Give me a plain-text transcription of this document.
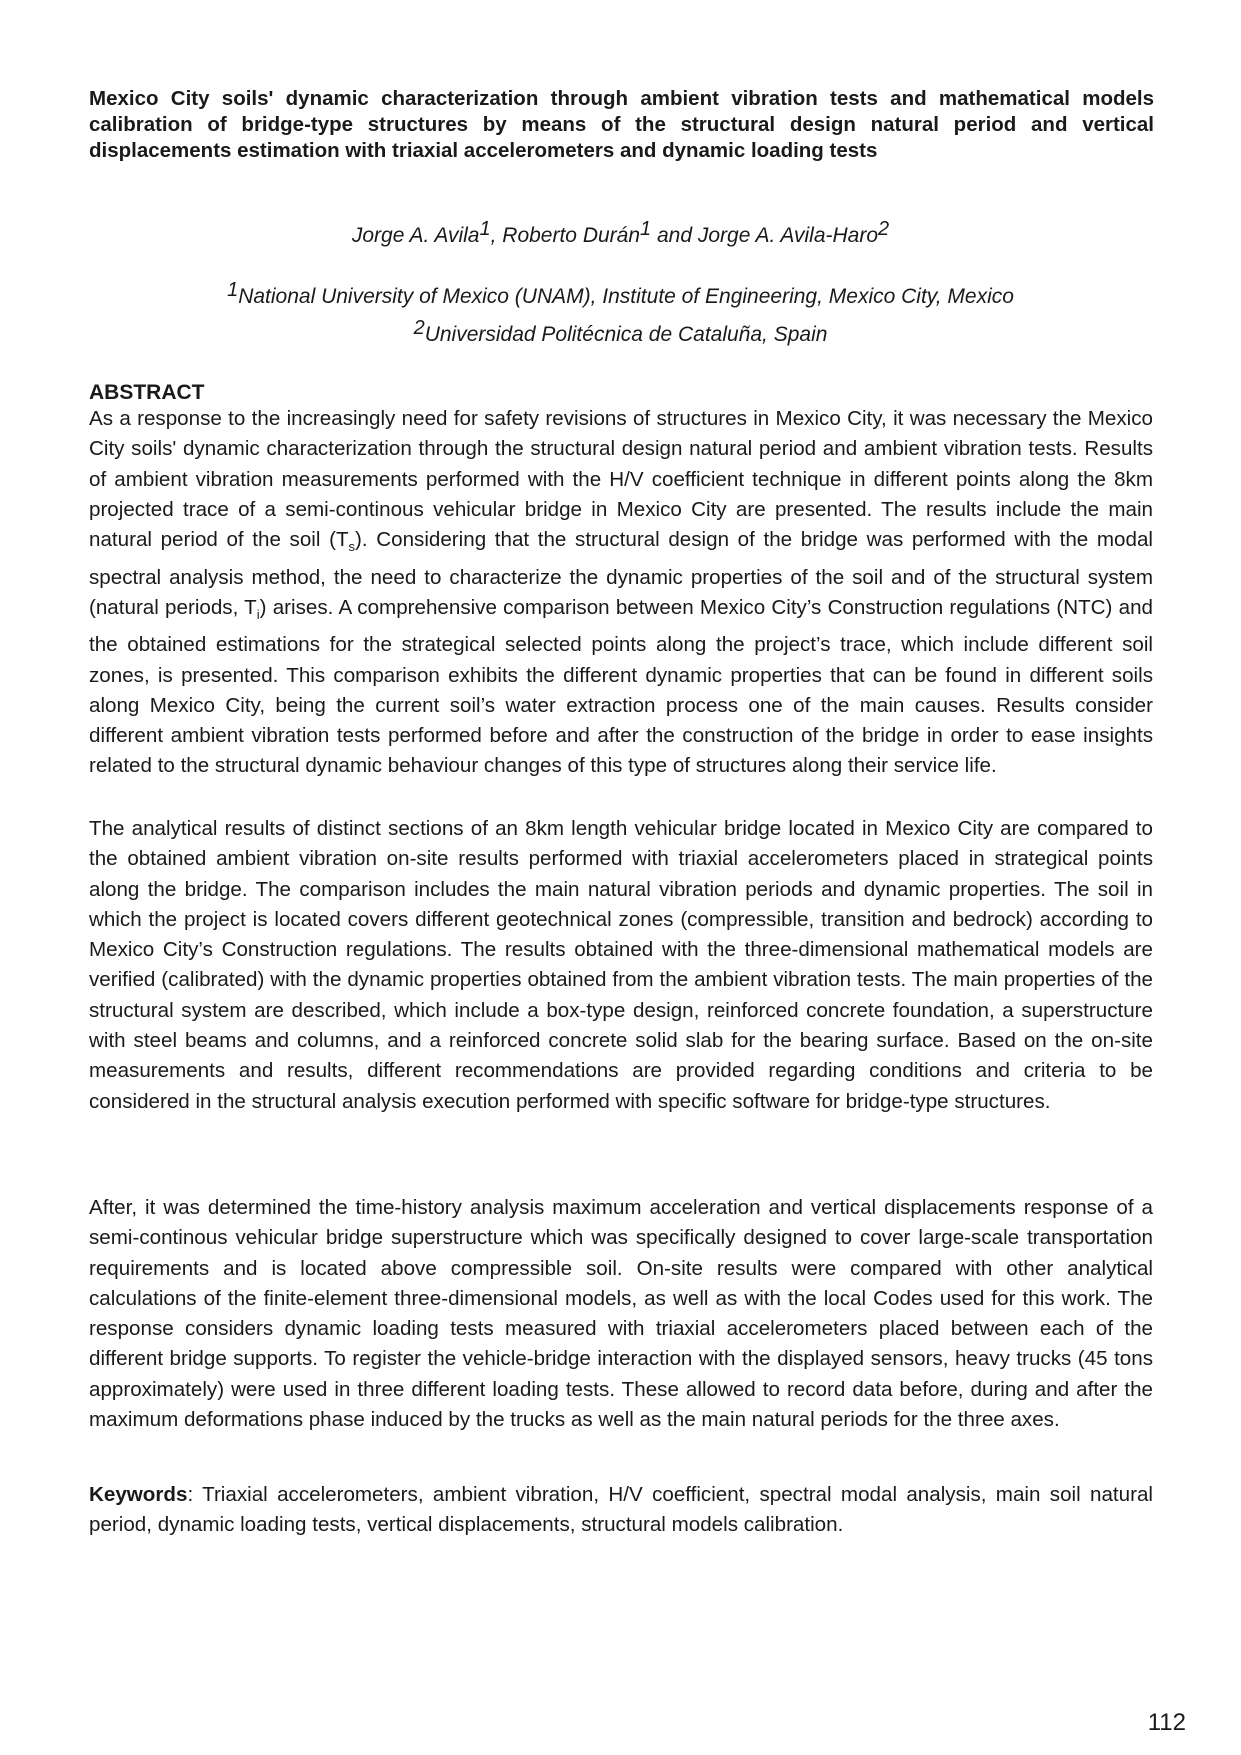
Mexico City soils' dynamic characterization through ambient vibration tests and mathematical models calibration of bridge-type structures by means of the structural design natural period and vertical displacements estimation with triaxial accelerometers and dynamic loading tests
Jorge A. Avila$^1$, Roberto Durán$^1$ and Jorge A. Avila-Haro$^2$
$^1$National University of Mexico (UNAM), Institute of Engineering, Mexico City, Mexico
$^2$Universidad Politécnica de Cataluña, Spain
ABSTRACT
As a response to the increasingly need for safety revisions of structures in Mexico City, it was necessary the Mexico City soils' dynamic characterization through the structural design natural period and ambient vibration tests. Results of ambient vibration measurements performed with the H/V coefficient technique in different points along the 8km projected trace of a semi-continous vehicular bridge in Mexico City are presented. The results include the main natural period of the soil $(T_s)$. Considering that the structural design of the bridge was performed with the modal spectral analysis method, the need to characterize the dynamic properties of the soil and of the structural system (natural periods, $T_i$) arises. A comprehensive comparison between Mexico City’s Construction regulations (NTC) and the obtained estimations for the strategical selected points along the project’s trace, which include different soil zones, is presented. This comparison exhibits the different dynamic properties that can be found in different soils along Mexico City, being the current soil’s water extraction process one of the main causes. Results consider different ambient vibration tests performed before and after the construction of the bridge in order to ease insights related to the structural dynamic behaviour changes of this type of structures along their service life.
The analytical results of distinct sections of an 8km length vehicular bridge located in Mexico City are compared to the obtained ambient vibration on-site results performed with triaxial accelerometers placed in strategical points along the bridge. The comparison includes the main natural vibration periods and dynamic properties. The soil in which the project is located covers different geotechnical zones (compressible, transition and bedrock) according to Mexico City’s Construction regulations. The results obtained with the three-dimensional mathematical models are verified (calibrated) with the dynamic properties obtained from the ambient vibration tests. The main properties of the structural system are described, which include a box-type design, reinforced concrete foundation, a superstructure with steel beams and columns, and a reinforced concrete solid slab for the bearing surface. Based on the on-site measurements and results, different recommendations are provided regarding conditions and criteria to be considered in the structural analysis execution performed with specific software for bridge-type structures.
After, it was determined the time-history analysis maximum acceleration and vertical displacements response of a semi-continous vehicular bridge superstructure which was specifically designed to cover large-scale transportation requirements and is located above compressible soil. On-site results were compared with other analytical calculations of the finite-element three-dimensional models, as well as with the local Codes used for this work. The response considers dynamic loading tests measured with triaxial accelerometers placed between each of the different bridge supports. To register the vehicle-bridge interaction with the displayed sensors, heavy trucks (45 tons approximately) were used in three different loading tests. These allowed to record data before, during and after the maximum deformations phase induced by the trucks as well as the main natural periods for the three axes.
Keywords: Triaxial accelerometers, ambient vibration, H/V coefficient, spectral modal analysis, main soil natural period, dynamic loading tests, vertical displacements, structural models calibration.
112
